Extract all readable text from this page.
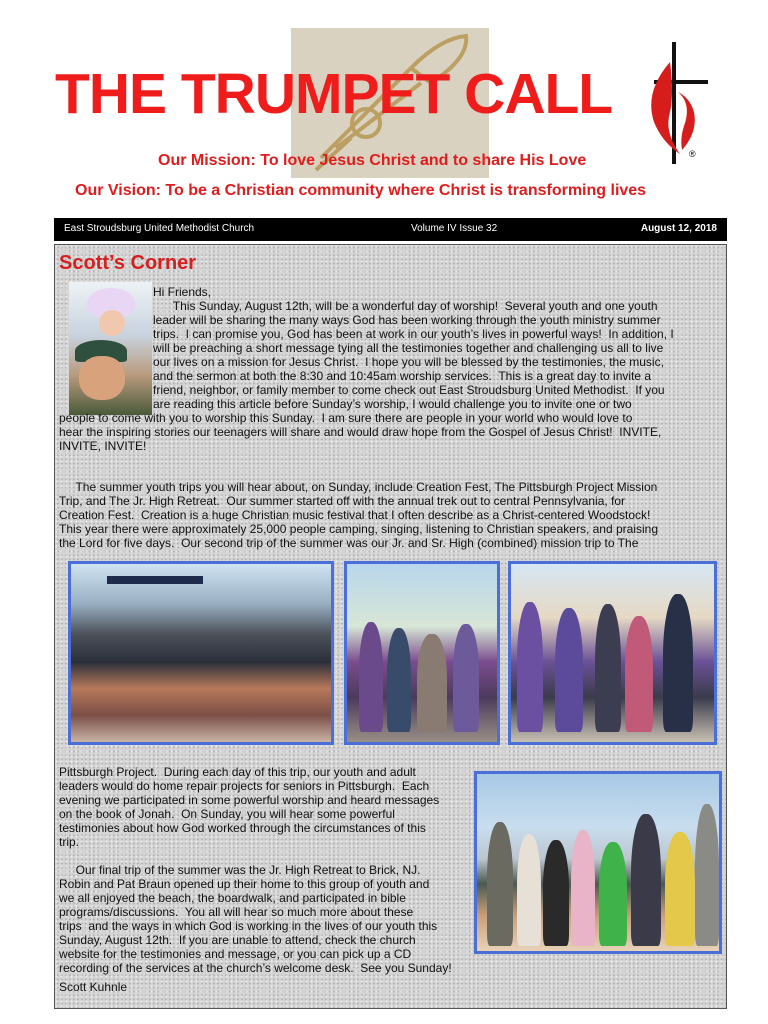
THE TRUMPET CALL
®
Our Mission: To love Jesus Christ and to share His Love
Our Vision: To be a Christian community where Christ is transforming lives
East Stroudsburg United Methodist Church	Volume IV Issue 32	August 12, 2018
Scott’s Corner
Hi Friends,
This Sunday, August 12th, will be a wonderful day of worship!  Several youth and one youth
leader will be sharing the many ways God has been working through the youth ministry summer
trips.  I can promise you, God has been at work in our youth’s lives in powerful ways!  In addition, I
will be preaching a short message tying all the testimonies together and challenging us all to live
our lives on a mission for Jesus Christ.  I hope you will be blessed by the testimonies, the music,
and the sermon at both the 8:30 and 10:45am worship services.  This is a great day to invite a
friend, neighbor, or family member to come check out East Stroudsburg United Methodist.  If you
are reading this article before Sunday’s worship, I would challenge you to invite one or two
people to come with you to worship this Sunday.  I am sure there are people in your world who would love to
hear the inspiring stories our teenagers will share and would draw hope from the Gospel of Jesus Christ!  INVITE,
INVITE, INVITE!
The summer youth trips you will hear about, on Sunday, include Creation Fest, The Pittsburgh Project Mission
Trip, and The Jr. High Retreat.  Our summer started off with the annual trek out to central Pennsylvania, for
Creation Fest.  Creation is a huge Christian music festival that I often describe as a Christ-centered Woodstock!
This year there were approximately 25,000 people camping, singing, listening to Christian speakers, and praising
the Lord for five days.  Our second trip of the summer was our Jr. and Sr. High (combined) mission trip to The
Pittsburgh Project.  During each day of this trip, our youth and adult
leaders would do home repair projects for seniors in Pittsburgh.  Each
evening we participated in some powerful worship and heard messages
on the book of Jonah.  On Sunday, you will hear some powerful
testimonies about how God worked through the circumstances of this
trip.
Our final trip of the summer was the Jr. High Retreat to Brick, NJ.
Robin and Pat Braun opened up their home to this group of youth and
we all enjoyed the beach, the boardwalk, and participated in bible
programs/discussions.  You all will hear so much more about these
trips  and the ways in which God is working in the lives of our youth this
Sunday, August 12th.  If you are unable to attend, check the church
website for the testimonies and message, or you can pick up a CD
recording of the services at the church’s welcome desk.  See you Sunday!
Scott Kuhnle
